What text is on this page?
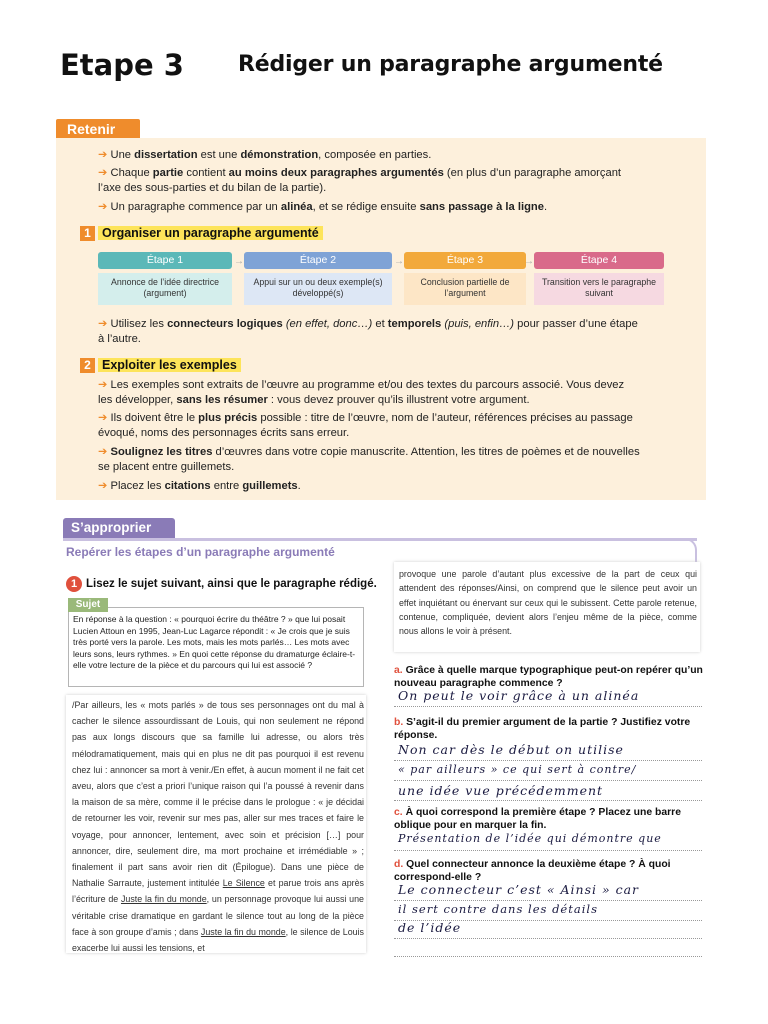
Etape 3 Rédiger un paragraphe argumenté
Retenir
➔ Une dissertation est une démonstration, composée en parties.
➔ Chaque partie contient au moins deux paragraphes argumentés (en plus d’un paragraphe amorçant
l’axe des sous-parties et du bilan de la partie).
➔ Un paragraphe commence par un alinéa, et se rédige ensuite sans passage à la ligne.
1 Organiser un paragraphe argumenté
Étape 1
Annonce de l’idée directrice (argument)
→	Étape 2
Appui sur un ou deux exemple(s) développé(s)
→	Étape 3
Conclusion partielle de l’argument
→	Étape 4
Transition vers le paragraphe suivant
➔ Utilisez les connecteurs logiques (en effet, donc…) et temporels (puis, enfin…) pour passer d’une étape
à l’autre.
2 Exploiter les exemples
➔ Les exemples sont extraits de l’œuvre au programme et/ou des textes du parcours associé. Vous devez
les développer, sans les résumer : vous devez prouver qu’ils illustrent votre argument.
➔ Ils doivent être le plus précis possible : titre de l’œuvre, nom de l’auteur, références précises au passage
évoqué, noms des personnages écrits sans erreur.
➔ Soulignez les titres d’œuvres dans votre copie manuscrite. Attention, les titres de poèmes et de nouvelles
se placent entre guillemets.
➔ Placez les citations entre guillemets.
S’approprier
Repérer les étapes d’un paragraphe argumenté
1 Lisez le sujet suivant, ainsi que le paragraphe rédigé.
Sujet
En réponse à la question : « pourquoi écrire du théâtre ? » que lui posait Lucien Attoun en 1995, Jean-Luc Lagarce répondit : « Je crois que je suis très porté vers la parole. Les mots, mais les mots parlés… Les mots avec leurs sons, leurs rythmes. » En quoi cette réponse du dramaturge éclaire-t-elle votre lecture de la pièce et du parcours qui lui est associé ?
/Par ailleurs, les « mots parlés » de tous ses personnages ont du mal à cacher le silence assourdissant de Louis, qui non seulement ne répond pas aux longs discours que sa famille lui adresse, ou alors très mélodramatiquement, mais qui en plus ne dit pas pourquoi il est revenu chez lui : annoncer sa mort à venir./En effet, à aucun moment il ne fait cet aveu, alors que c’est a priori l’unique raison qui l’a poussé à revenir dans la maison de sa mère, comme il le précise dans le prologue : « je décidai de retourner les voir, revenir sur mes pas, aller sur mes traces et faire le voyage, pour annoncer, lentement, avec soin et précision […] pour annoncer, dire, seulement dire, ma mort prochaine et irrémédiable » ; finalement il part sans avoir rien dit (Épilogue). Dans une pièce de Nathalie Sarraute, justement intitulée Le Silence et parue trois ans après l’écriture de Juste la fin du monde, un personnage provoque lui aussi une véritable crise dramatique en gardant le silence tout au long de la pièce face à son groupe d’amis ; dans Juste la fin du monde, le silence de Louis exacerbe lui aussi les tensions, et
provoque une parole d’autant plus excessive de la part de ceux qui attendent des réponses/Ainsi, on comprend que le silence peut avoir un effet inquiétant ou énervant sur ceux qui le subissent. Cette parole retenue, contenue, compliquée, devient alors l’enjeu même de la pièce, comme nous allons le voir à présent.
a. Grâce à quelle marque typographique peut-on repérer qu’un nouveau paragraphe commence ?
On peut le voir grâce à un alinéa
b. S’agit-il du premier argument de la partie ? Justifiez votre réponse.
Non car dès le début on utilise
« par ailleurs » ce qui sert à contre/
une idée vue précédemment
c. À quoi correspond la première étape ? Placez une barre oblique pour en marquer la fin.
Présentation de l’idée qui démontre que
d. Quel connecteur annonce la deuxième étape ? À quoi correspond-elle ?
Le connecteur c’est « Ainsi » car
il sert contre dans les détails
de l’idée
